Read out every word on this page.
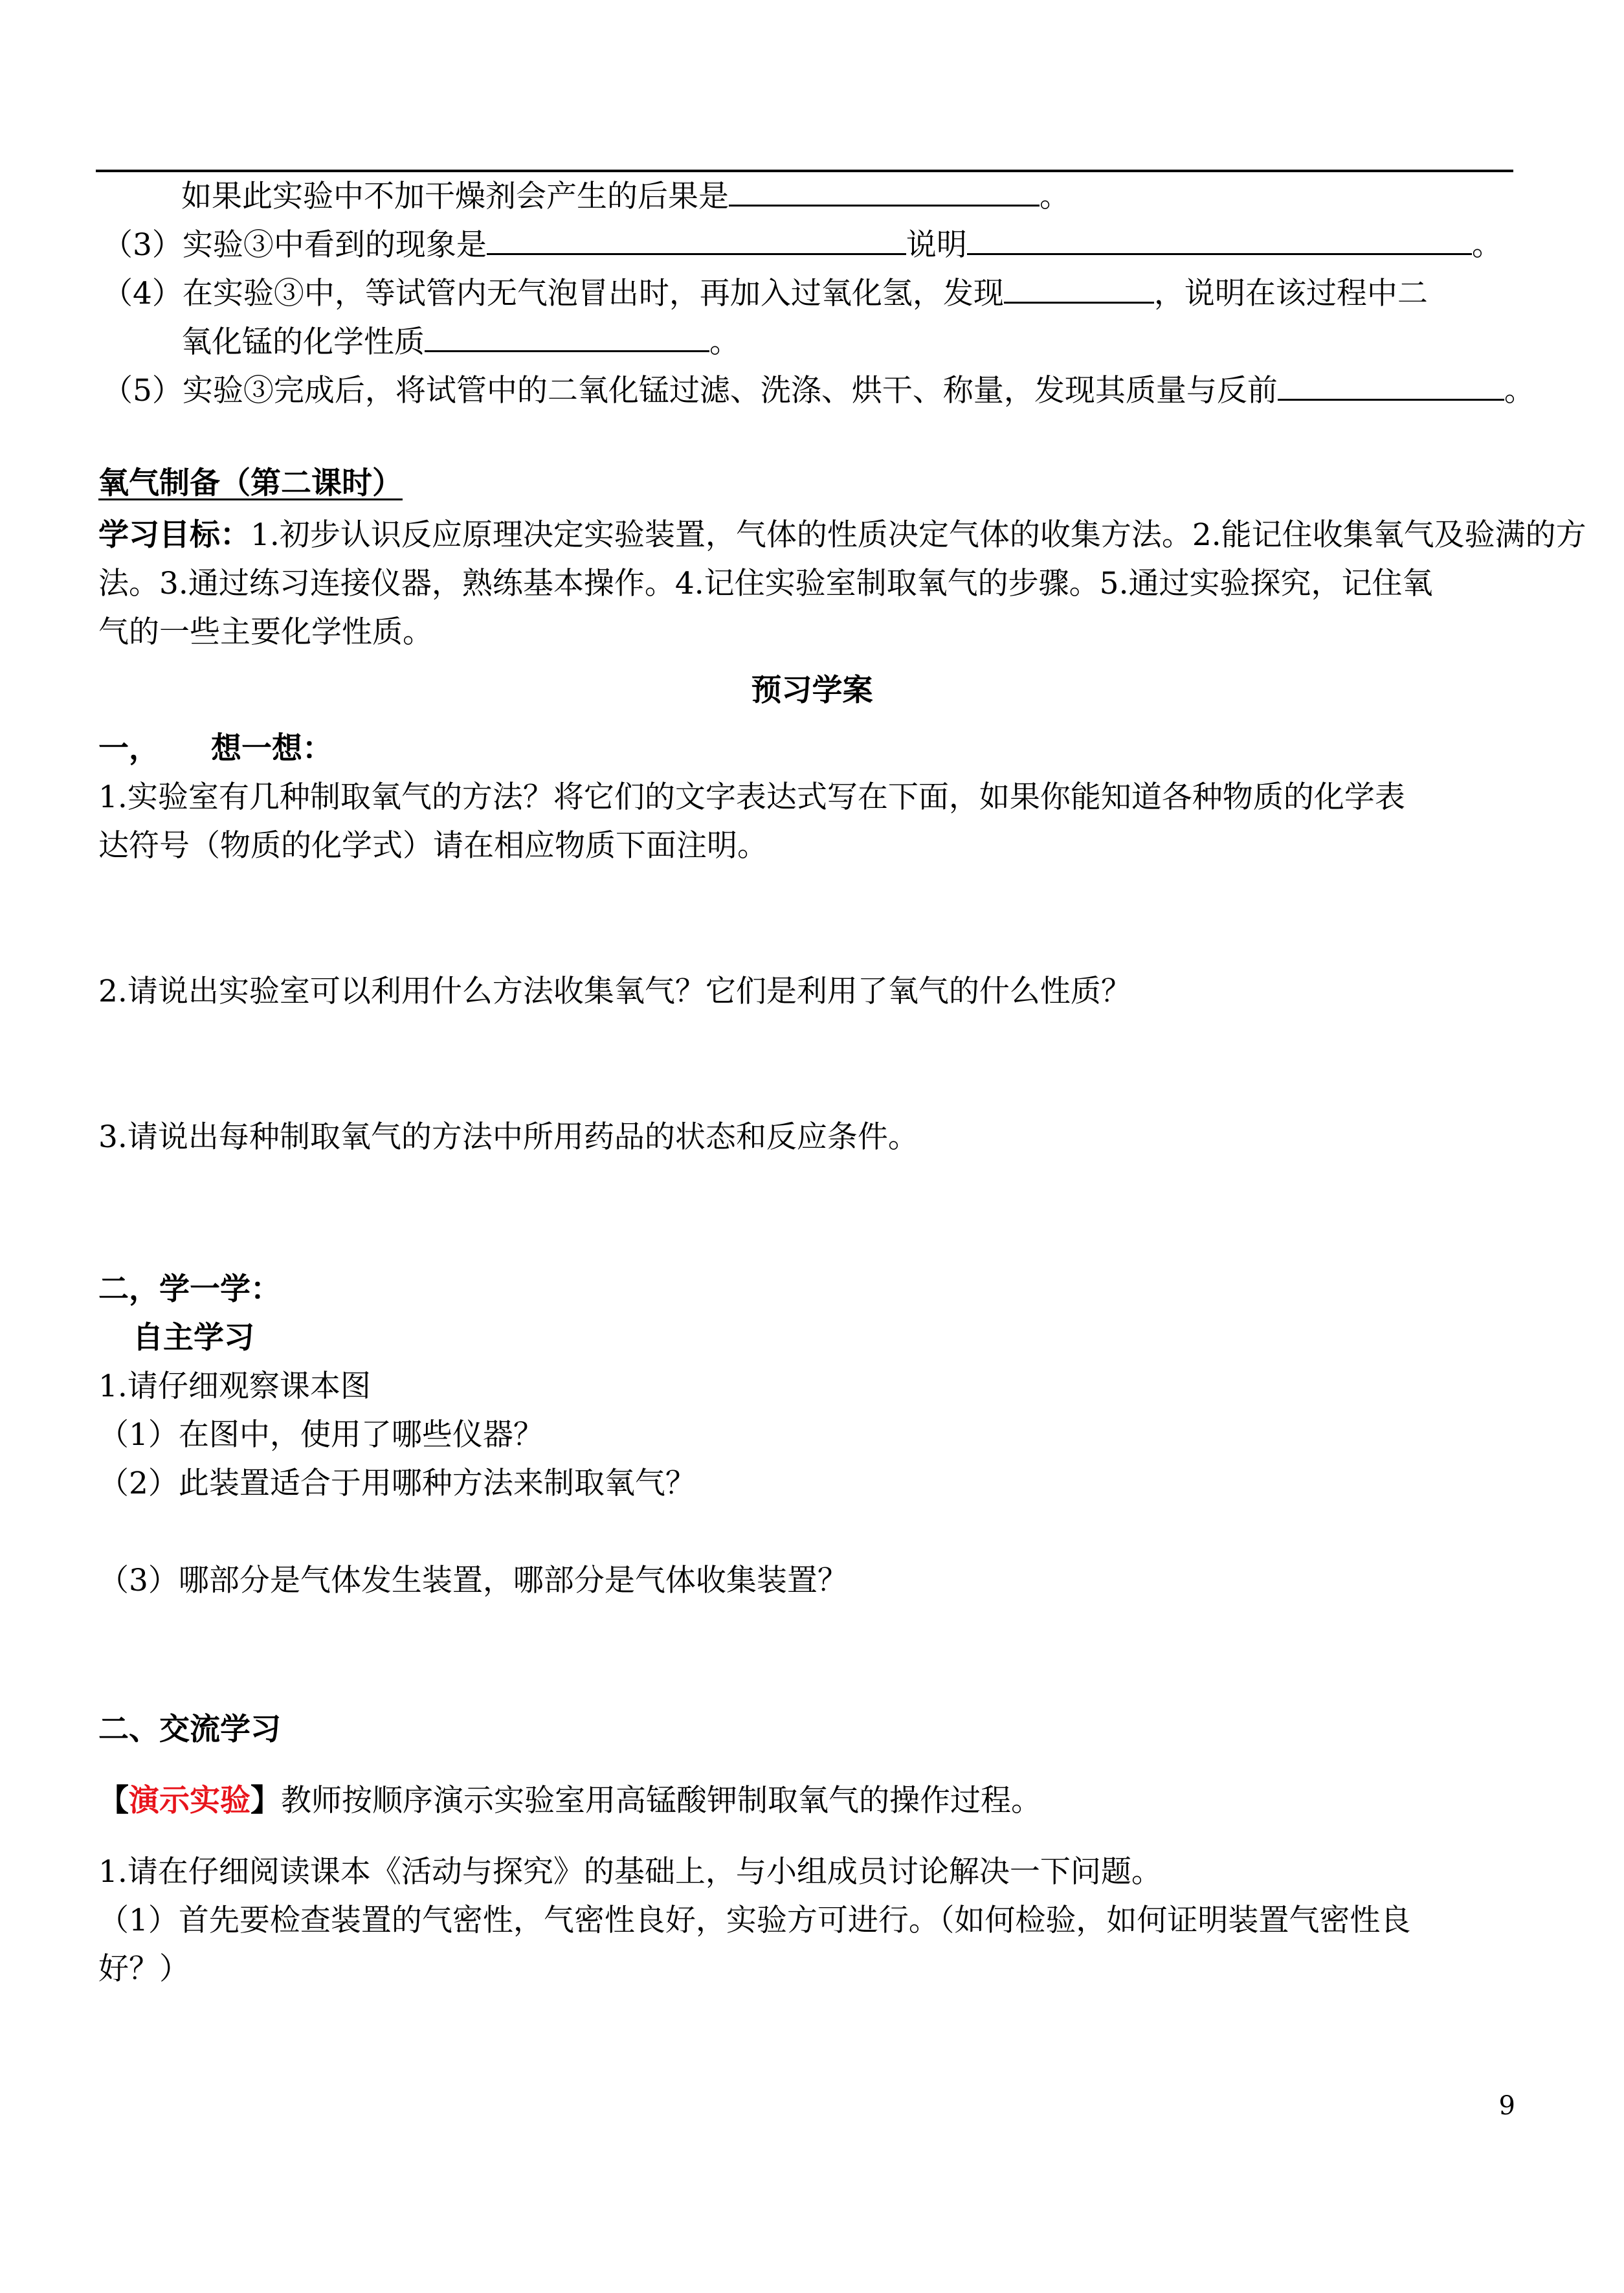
如果此实验中不加干燥剂会产生的后果是	。
（3）实验③中看到的现象是	说明	。
（4）在实验③中，等试管内无气泡冒出时，再加入过氧化氢，发现	，说明在该过程中二
氧化锰的化学性质	。
（5）实验③完成后，将试管中的二氧化锰过滤、洗涤、烘干、称量，发现其质量与反前	。
氧气制备（第二课时）
学习目标：1.初步认识反应原理决定实验装置，气体的性质决定气体的收集方法。2.能记住收集氧气及验满的方
法。3.通过练习连接仪器，熟练基本操作。4.记住实验室制取氧气的步骤。5.通过实验探究，记住氧
气的一些主要化学性质。
预习学案
一， 想一想：
1.实验室有几种制取氧气的方法？将它们的文字表达式写在下面，如果你能知道各种物质的化学表
达符号（物质的化学式）请在相应物质下面注明。
2.请说出实验室可以利用什么方法收集氧气？它们是利用了氧气的什么性质？
3.请说出每种制取氧气的方法中所用药品的状态和反应条件。
二，学一学：
自主学习
1.请仔细观察课本图
（1）在图中，使用了哪些仪器？
（2）此装置适合于用哪种方法来制取氧气？
（3）哪部分是气体发生装置，哪部分是气体收集装置？
二、交流学习
【演示实验】教师按顺序演示实验室用高锰酸钾制取氧气的操作过程。
1.请在仔细阅读课本《活动与探究》的基础上，与小组成员讨论解决一下问题。
（1）首先要检查装置的气密性，气密性良好，实验方可进行。（如何检验，如何证明装置气密性良
好？）
9
